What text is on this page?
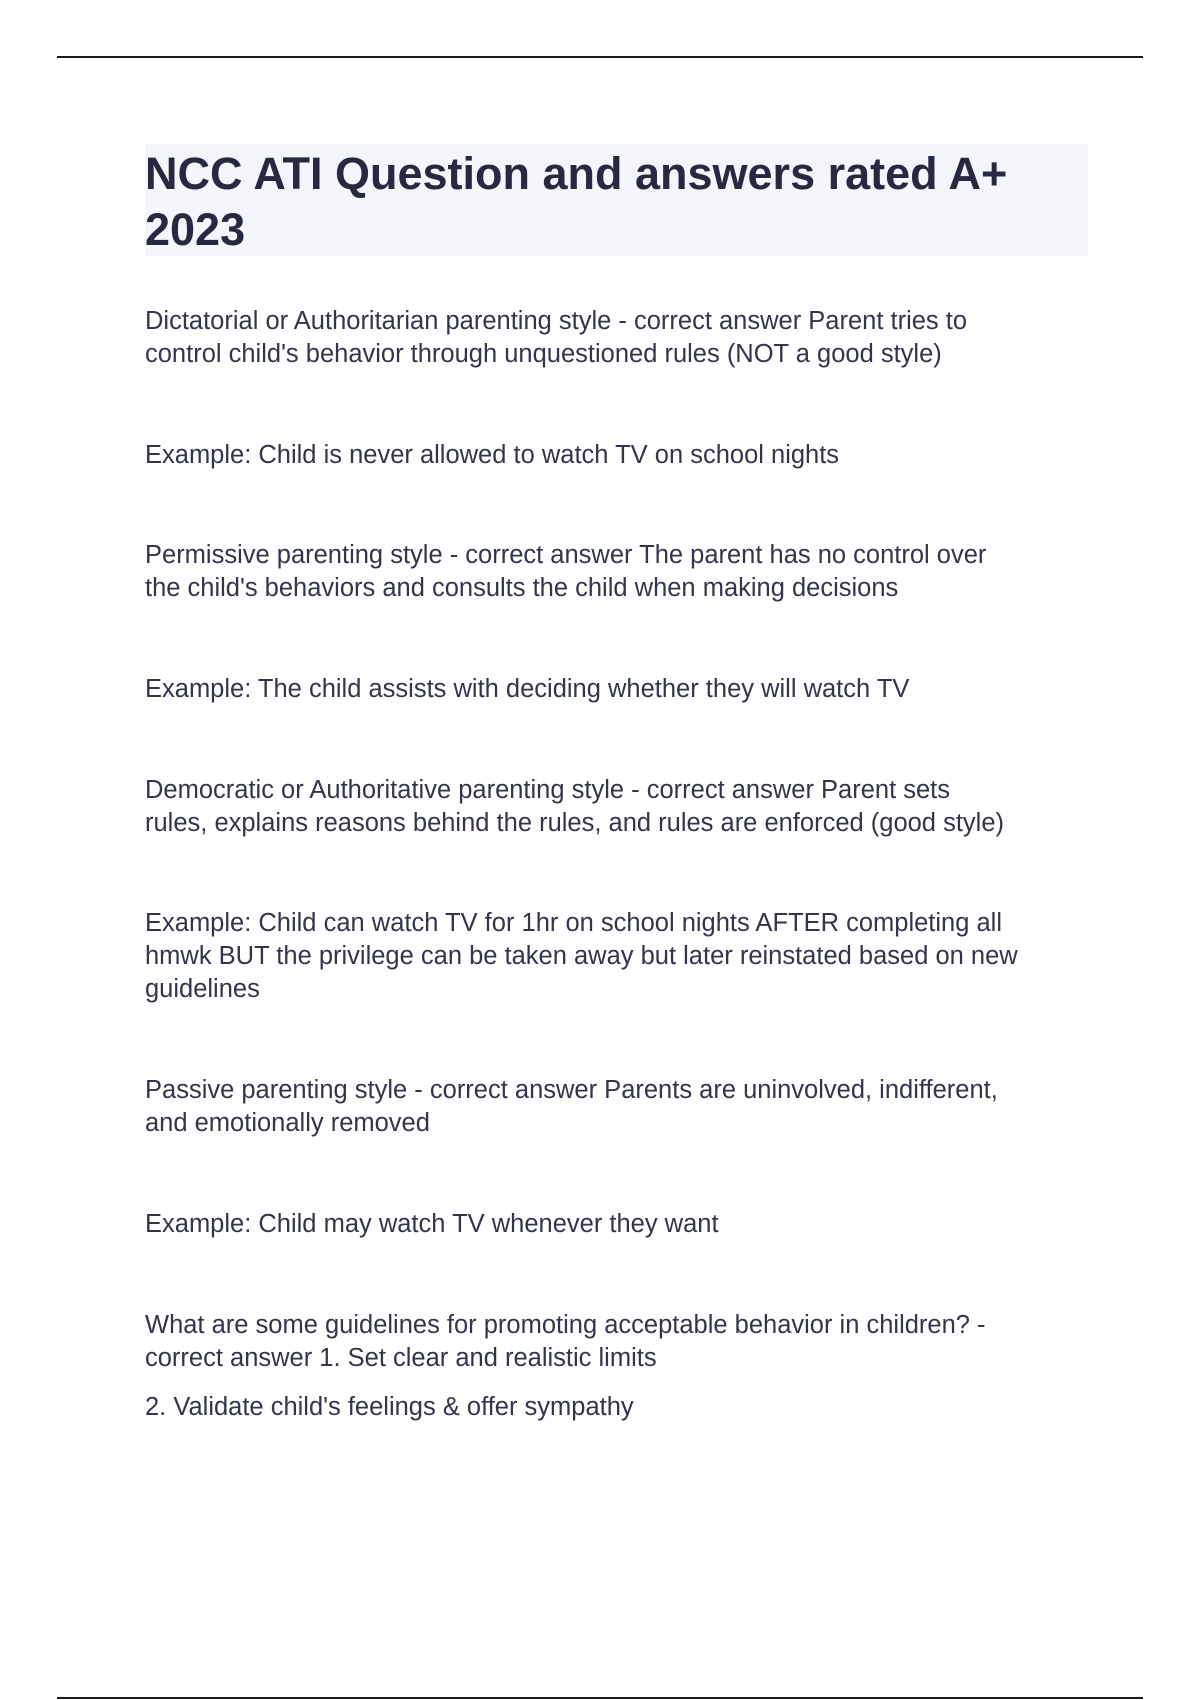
NCC ATI Question and answers rated A+
2023

Dictatorial or Authoritarian parenting style - correct answer Parent tries to
control child's behavior through unquestioned rules (NOT a good style)

Example: Child is never allowed to watch TV on school nights

Permissive parenting style - correct answer The parent has no control over
the child's behaviors and consults the child when making decisions

Example: The child assists with deciding whether they will watch TV

Democratic or Authoritative parenting style - correct answer Parent sets
rules, explains reasons behind the rules, and rules are enforced (good style)

Example: Child can watch TV for 1hr on school nights AFTER completing all
hmwk BUT the privilege can be taken away but later reinstated based on new
guidelines

Passive parenting style - correct answer Parents are uninvolved, indifferent,
and emotionally removed

Example: Child may watch TV whenever they want

What are some guidelines for promoting acceptable behavior in children? -
correct answer 1. Set clear and realistic limits

2. Validate child's feelings & offer sympathy
